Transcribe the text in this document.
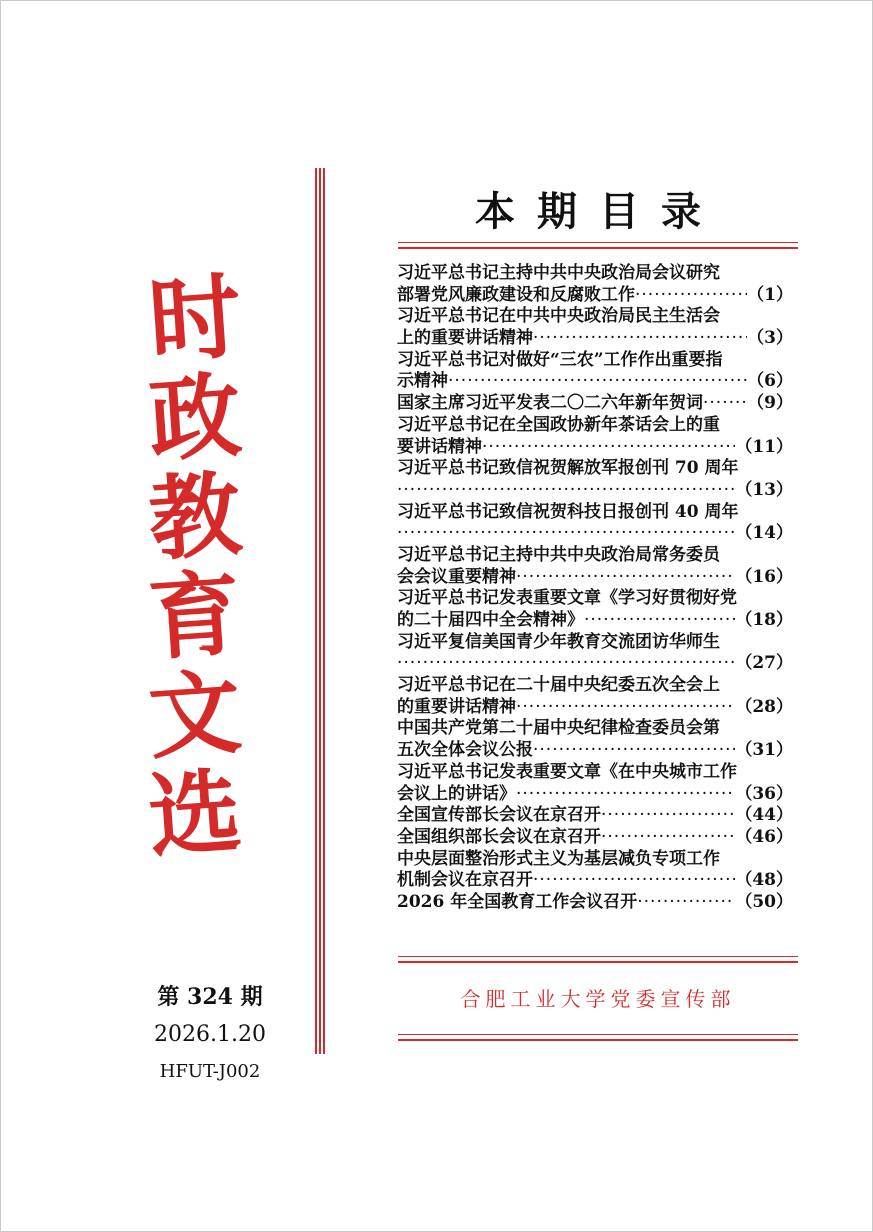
时
政
教
育
文
选
第 324 期
2026.1.20
HFUT-J002
本期目录
习近平总书记主持中共中央政治局会议研究
部署党风廉政建设和反腐败工作 ·····	（1）
习近平总书记在中共中央政治局民主生活会
上的重要讲话精神 ·····	（3）
习近平总书记对做好“三农”工作作出重要指
示精神 ·····	（6）
国家主席习近平发表二〇二六年新年贺词 ·····	（9）
习近平总书记在全国政协新年茶话会上的重
要讲话精神 ·····	（11）
习近平总书记致信祝贺解放军报创刊 70 周年
·····
（13）
习近平总书记致信祝贺科技日报创刊 40 周年
·····
（14）
习近平总书记主持中共中央政治局常务委员
会会议重要精神 ·····	（16）
习近平总书记发表重要文章《学习好贯彻好党
的二十届四中全会精神》 ·····	（18）
习近平复信美国青少年教育交流团访华师生
·····
（27）
习近平总书记在二十届中央纪委五次全会上
的重要讲话精神 ·····	（28）
中国共产党第二十届中央纪律检查委员会第
五次全体会议公报 ·····	（31）
习近平总书记发表重要文章《在中央城市工作
会议上的讲话》 ·····	（36）
全国宣传部长会议在京召开 ·····	（44）
全国组织部长会议在京召开 ·····	（46）
中央层面整治形式主义为基层减负专项工作
机制会议在京召开 ·····	（48）
2026 年全国教育工作会议召开 ·····	（50）
合肥工业大学党委宣传部
